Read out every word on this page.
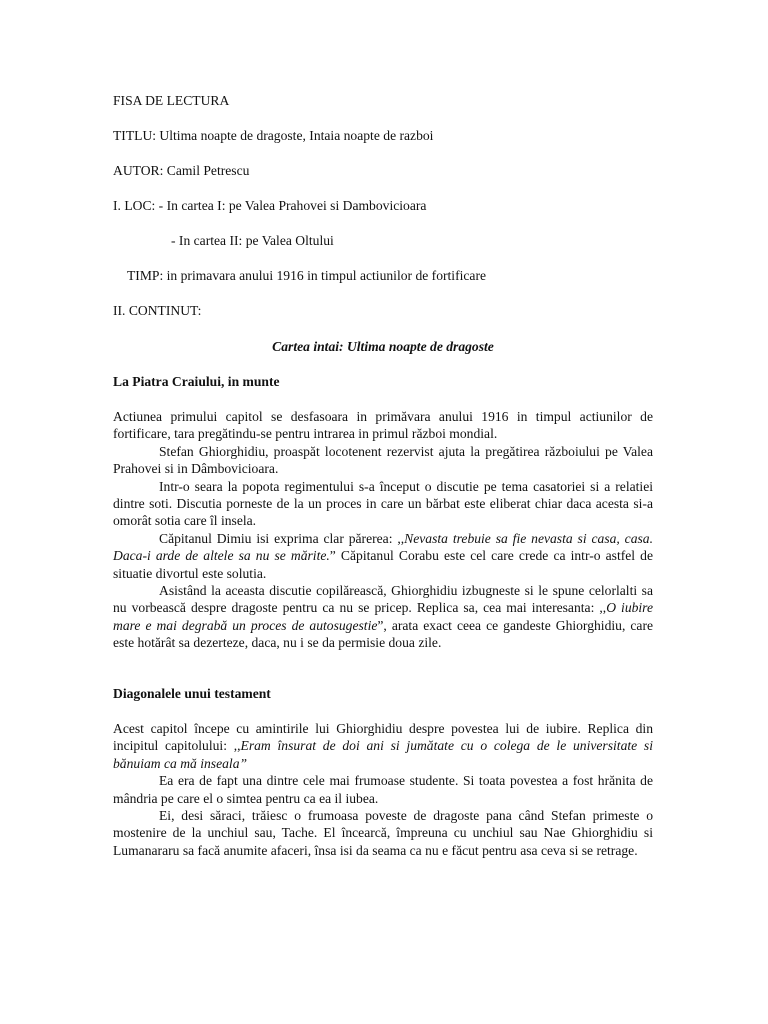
FISA DE LECTURA
TITLU: Ultima noapte de dragoste, Intaia noapte de razboi
AUTOR: Camil Petrescu
I. LOC: - In cartea I: pe Valea Prahovei si Dambovicioara
- In cartea II: pe Valea Oltului
TIMP: in primavara anului 1916 in timpul actiunilor de fortificare
II. CONTINUT:
Cartea intai: Ultima noapte de dragoste
La Piatra Craiului, in munte

Actiunea primului capitol se desfasoara in primăvara anului 1916 in timpul actiunilor de fortificare, tara pregătindu-se pentru intrarea in primul război mondial.

Stefan Ghiorghidiu, proaspăt locotenent rezervist ajuta la pregătirea războiului pe Valea Prahovei si in Dâmbovicioara.

Intr-o seara la popota regimentului s-a început o discutie pe tema casatoriei si a relatiei dintre soti. Discutia porneste de la un proces in care un bărbat este eliberat chiar daca acesta si-a omorât sotia care îl insela.

Căpitanul Dimiu isi exprima clar părerea: ,,Nevasta trebuie sa fie nevasta si casa, casa. Daca-i arde de altele sa nu se mărite.” Căpitanul Corabu este cel care crede ca intr-o astfel de situatie divortul este solutia.

Asistând la aceasta discutie copilărească, Ghiorghidiu izbugneste si le spune celorlalti sa nu vorbească despre dragoste pentru ca nu se pricep. Replica sa, cea mai interesanta: ,,O iubire mare e mai degrabă un proces de autosugestie”, arata exact ceea ce gandeste Ghiorghidiu, care este hotărât sa dezerteze, daca, nu i se da permisie doua zile.

Diagonalele unui testament

Acest capitol începe cu amintirile lui Ghiorghidiu despre povestea lui de iubire. Replica din incipitul capitolului: ,,Eram însurat de doi ani si jumătate cu o colega de le universitate si bănuiam ca mă inseala”

Ea era de fapt una dintre cele mai frumoase studente. Si toata povestea a fost hrănita de mândria pe care el o simtea pentru ca ea il iubea.

Ei, desi săraci, trăiesc o frumoasa poveste de dragoste pana când Stefan primeste o mostenire de la unchiul sau, Tache. El încearcă, împreuna cu unchiul sau Nae Ghiorghidiu si Lumanararu sa facă anumite afaceri, însa isi da seama ca nu e făcut pentru asa ceva si se retrage.
